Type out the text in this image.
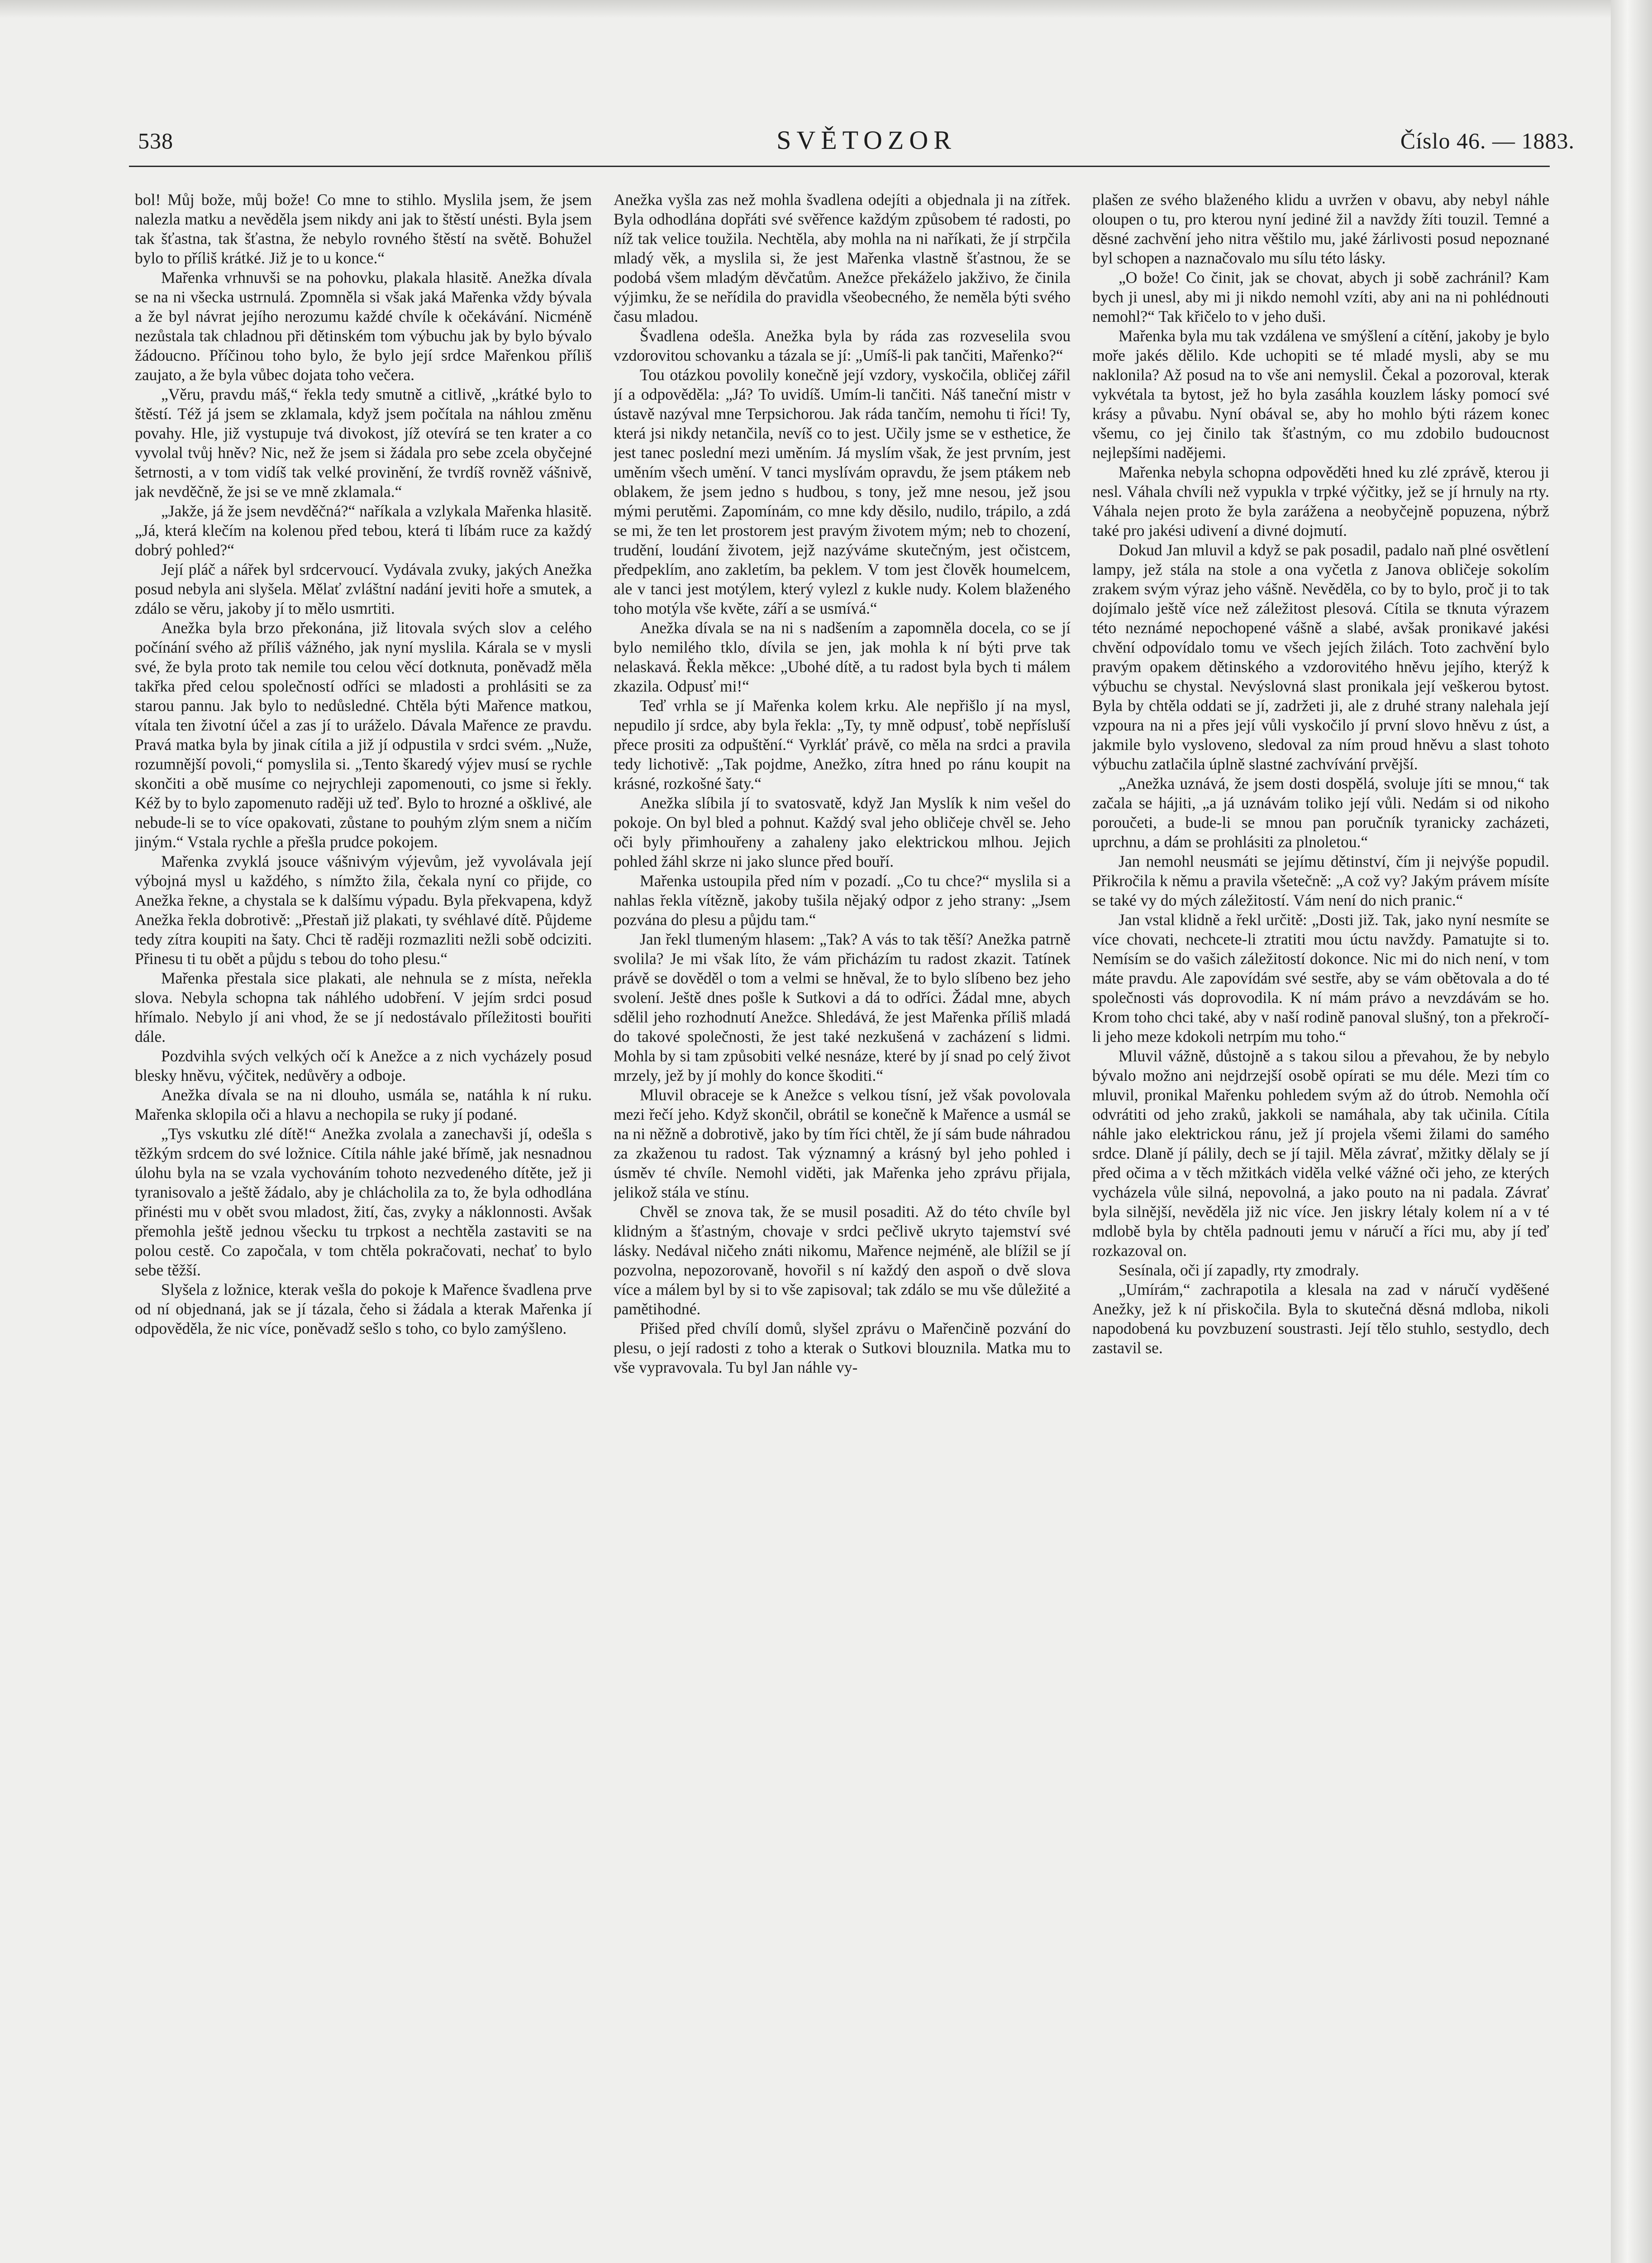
538	SVĚTOZOR	Číslo 46. — 1883.

bol! Můj bože, můj bože! Co mne to stihlo. Myslila jsem, že jsem nalezla matku a nevěděla jsem nikdy ani jak to štěstí unésti. Byla jsem tak šťastna, tak šťastna, že nebylo rovného štěstí na světě. Bohužel bylo to příliš krátké. Již je to u konce.“

Mařenka vrhnuvši se na pohovku, plakala hlasitě. Anežka dívala se na ni všecka ustrnulá. Zpomněla si však jaká Mařenka vždy bývala a že byl návrat jejího nerozumu každé chvíle k očekávání. Nicméně nezůstala tak chladnou při dětinském tom výbuchu jak by bylo bývalo žádoucno. Příčinou toho bylo, že bylo její srdce Mařenkou příliš zaujato, a že byla vůbec dojata toho večera.

„Věru, pravdu máš,“ řekla tedy smutně a citlivě, „krátké bylo to štěstí. Též já jsem se zklamala, když jsem počítala na náhlou změnu povahy. Hle, již vystupuje tvá divokost, jíž otevírá se ten krater a co vyvolal tvůj hněv? Nic, než že jsem si žádala pro sebe zcela obyčejné šetrnosti, a v tom vidíš tak velké provinění, že tvrdíš rovněž vášnivě, jak nevděčně, že jsi se ve mně zklamala.“

„Jakže, já že jsem nevděčná?“ naříkala a vzlykala Mařenka hlasitě. „Já, která klečím na kolenou před tebou, která ti líbám ruce za každý dobrý pohled?“

Její pláč a nářek byl srdcervoucí. Vydávala zvuky, jakých Anežka posud nebyla ani slyšela. Mělať zvláštní nadání jeviti hoře a smutek, a zdálo se věru, jakoby jí to mělo usmrtiti.

Anežka byla brzo překonána, již litovala svých slov a celého počínání svého až příliš vážného, jak nyní myslila. Kárala se v mysli své, že byla proto tak nemile tou celou věcí dotknuta, poněvadž měla takřka před celou společností odříci se mladosti a prohlásiti se za starou pannu. Jak bylo to nedůsledné. Chtěla býti Mařence matkou, vítala ten životní účel a zas jí to uráželo. Dávala Mařence ze pravdu. Pravá matka byla by jinak cítila a již jí odpustila v srdci svém. „Nuže, rozumnější povoli,“ pomyslila si. „Tento škaredý výjev musí se rychle skončiti a obě musíme co nejrychleji zapomenouti, co jsme si řekly. Kéž by to bylo zapomenuto raději už teď. Bylo to hrozné a ošklivé, ale nebude-li se to více opakovati, zůstane to pouhým zlým snem a ničím jiným.“ Vstala rychle a přešla prudce pokojem.

Mařenka zvyklá jsouce vášnivým výjevům, jež vyvolávala její výbojná mysl u každého, s nímžto žila, čekala nyní co přijde, co Anežka řekne, a chystala se k dalšímu výpadu. Byla překvapena, když Anežka řekla dobrotivě: „Přestaň již plakati, ty svéhlavé dítě. Půjdeme tedy zítra koupiti na šaty. Chci tě raději rozmazliti nežli sobě odciziti. Přinesu ti tu obět a půjdu s tebou do toho plesu.“

Mařenka přestala sice plakati, ale nehnula se z místa, neřekla slova. Nebyla schopna tak náhlého udobření. V jejím srdci posud hřímalo. Nebylo jí ani vhod, že se jí nedostávalo příležitosti bouřiti dále.

Pozdvihla svých velkých očí k Anežce a z nich vycházely posud blesky hněvu, výčitek, nedůvěry a odboje.

Anežka dívala se na ni dlouho, usmála se, natáhla k ní ruku. Mařenka sklopila oči a hlavu a nechopila se ruky jí podané.

„Tys vskutku zlé dítě!“ Anežka zvolala a zanechavši jí, odešla s těžkým srdcem do své ložnice. Cítila náhle jaké břímě, jak nesnadnou úlohu byla na se vzala vychováním tohoto nezvedeného dítěte, jež ji tyranisovalo a ještě žádalo, aby je chlácholila za to, že byla odhodlána přinésti mu v obět svou mladost, žití, čas, zvyky a náklonnosti. Avšak přemohla ještě jednou všecku tu trpkost a nechtěla zastaviti se na polou cestě. Co započala, v tom chtěla pokračovati, nechať to bylo sebe těžší.

Slyšela z ložnice, kterak vešla do pokoje k Mařence švadlena prve od ní objednaná, jak se jí tázala, čeho si žádala a kterak Mařenka jí odpověděla, že nic více, poněvadž sešlo s toho, co bylo zamýšleno.

Anežka vyšla zas než mohla švadlena odejíti a objednala ji na zítřek. Byla odhodlána dopřáti své svěřence každým způsobem té radosti, po níž tak velice toužila. Nechtěla, aby mohla na ni naříkati, že jí strpčila mladý věk, a myslila si, že jest Mařenka vlastně šťastnou, že se podobá všem mladým děvčatům. Anežce překáželo jakživo, že činila výjimku, že se neřídila do pravidla všeobecného, že neměla býti svého času mladou.

Švadlena odešla. Anežka byla by ráda zas rozveselila svou vzdorovitou schovanku a tázala se jí: „Umíš-li pak tančiti, Mařenko?“

Tou otázkou povolily konečně její vzdory, vyskočila, obličej zářil jí a odpověděla: „Já? To uvidíš. Umím-li tančiti. Náš taneční mistr v ústavě nazýval mne Terpsichorou. Jak ráda tančím, nemohu ti říci! Ty, která jsi nikdy netančila, nevíš co to jest. Učily jsme se v esthetice, že jest tanec poslední mezi uměním. Já myslím však, že jest prvním, jest uměním všech umění. V tanci myslívám opravdu, že jsem ptákem neb oblakem, že jsem jedno s hudbou, s tony, jež mne nesou, jež jsou mými perutěmi. Zapomínám, co mne kdy děsilo, nudilo, trápilo, a zdá se mi, že ten let prostorem jest pravým životem mým; neb to chození, trudění, loudání životem, jejž nazýváme skutečným, jest očistcem, předpeklím, ano zakletím, ba peklem. V tom jest člověk houmelcem, ale v tanci jest motýlem, který vylezl z kukle nudy. Kolem blaženého toho motýla vše květe, září a se usmívá.“

Anežka dívala se na ni s nadšením a zapomněla docela, co se jí bylo nemilého tklo, dívila se jen, jak mohla k ní býti prve tak nelaskavá. Řekla měkce: „Ubohé dítě, a tu radost byla bych ti málem zkazila. Odpusť mi!“

Teď vrhla se jí Mařenka kolem krku. Ale nepřišlo jí na mysl, nepudilo jí srdce, aby byla řekla: „Ty, ty mně odpusť, tobě nepřísluší přece prositi za odpuštění.“ Vyrkláť právě, co měla na srdci a pravila tedy lichotivě: „Tak pojdme, Anežko, zítra hned po ránu koupit na krásné, rozkošné šaty.“

Anežka slíbila jí to svatosvatě, když Jan Myslík k nim vešel do pokoje. On byl bled a pohnut. Každý sval jeho obličeje chvěl se. Jeho oči byly přimhouřeny a zahaleny jako elektrickou mlhou. Jejich pohled žáhl skrze ni jako slunce před bouří.

Mařenka ustoupila před ním v pozadí. „Co tu chce?“ myslila si a nahlas řekla vítězně, jakoby tušila nějaký odpor z jeho strany: „Jsem pozvána do plesu a půjdu tam.“

Jan řekl tlumeným hlasem: „Tak? A vás to tak těší? Anežka patrně svolila? Je mi však líto, že vám přicházím tu radost zkazit. Tatínek právě se dověděl o tom a velmi se hněval, že to bylo slíbeno bez jeho svolení. Ještě dnes pošle k Sutkovi a dá to odříci. Žádal mne, abych sdělil jeho rozhodnutí Anežce. Shledává, že jest Mařenka příliš mladá do takové společnosti, že jest také nezkušená v zacházení s lidmi. Mohla by si tam způsobiti velké nesnáze, které by jí snad po celý život mrzely, jež by jí mohly do konce škoditi.“

Mluvil obraceje se k Anežce s velkou tísní, jež však povolovala mezi řečí jeho. Když skončil, obrátil se konečně k Mařence a usmál se na ni něžně a dobrotivě, jako by tím říci chtěl, že jí sám bude náhradou za zkaženou tu radost. Tak významný a krásný byl jeho pohled i úsměv té chvíle. Nemohl viděti, jak Mařenka jeho zprávu přijala, jelikož stála ve stínu.

Chvěl se znova tak, že se musil posaditi. Až do této chvíle byl klidným a šťastným, chovaje v srdci pečlivě ukryto tajemství své lásky. Nedával ničeho znáti nikomu, Mařence nejméně, ale blížil se jí pozvolna, nepozorovaně, hovořil s ní každý den aspoň o dvě slova více a málem byl by si to vše zapisoval; tak zdálo se mu vše důležité a pamětihodné.

Přišed před chvílí domů, slyšel zprávu o Mařenčině pozvání do plesu, o její radosti z toho a kterak o Sutkovi blouznila. Matka mu to vše vypravovala. Tu byl Jan náhle vy-

plašen ze svého blaženého klidu a uvržen v obavu, aby nebyl náhle oloupen o tu, pro kterou nyní jediné žil a navždy žíti touzil. Temné a děsné zachvění jeho nitra věštilo mu, jaké žárlivosti posud nepoznané byl schopen a naznačovalo mu sílu této lásky.

„O bože! Co činit, jak se chovat, abych ji sobě zachránil? Kam bych ji unesl, aby mi ji nikdo nemohl vzíti, aby ani na ni pohlédnouti nemohl?“ Tak křičelo to v jeho duši.

Mařenka byla mu tak vzdálena ve smýšlení a cítění, jakoby je bylo moře jakés dělilo. Kde uchopiti se té mladé mysli, aby se mu naklonila? Až posud na to vše ani nemyslil. Čekal a pozoroval, kterak vykvétala ta bytost, jež ho byla zasáhla kouzlem lásky pomocí své krásy a půvabu. Nyní obával se, aby ho mohlo býti rázem konec všemu, co jej činilo tak šťastným, co mu zdobilo budoucnost nejlepšími nadějemi.

Mařenka nebyla schopna odpověděti hned ku zlé zprávě, kterou ji nesl. Váhala chvíli než vypukla v trpké výčitky, jež se jí hrnuly na rty. Váhala nejen proto že byla zarážena a neobyčejně popuzena, nýbrž také pro jakési udivení a divné dojmutí.

Dokud Jan mluvil a když se pak posadil, padalo naň plné osvětlení lampy, jež stála na stole a ona vyčetla z Janova obličeje sokolím zrakem svým výraz jeho vášně. Nevěděla, co by to bylo, proč ji to tak dojímalo ještě více než záležitost plesová. Cítila se tknuta výrazem této neznámé nepochopené vášně a slabé, avšak pronikavé jakési chvění odpovídalo tomu ve všech jejích žilách. Toto zachvění bylo pravým opakem dětinského a vzdorovitého hněvu jejího, kterýž k výbuchu se chystal. Nevýslovná slast pronikala její veškerou bytost. Byla by chtěla oddati se jí, zadržeti ji, ale z druhé strany nalehala její vzpoura na ni a přes její vůli vyskočilo jí první slovo hněvu z úst, a jakmile bylo vysloveno, sledoval za ním proud hněvu a slast tohoto výbuchu zatlačila úplně slastné zachvívání prvější.

„Anežka uznává, že jsem dosti dospělá, svoluje jíti se mnou,“ tak začala se hájiti, „a já uznávám toliko její vůli. Nedám si od nikoho poroučeti, a bude-li se mnou pan poručník tyranicky zacházeti, uprchnu, a dám se prohlásiti za plnoletou.“

Jan nemohl neusmáti se jejímu dětinství, čím ji nejvýše popudil. Přikročila k němu a pravila všetečně: „A což vy? Jakým právem mísíte se také vy do mých záležitostí. Vám není do nich pranic.“

Jan vstal klidně a řekl určitě: „Dosti již. Tak, jako nyní nesmíte se více chovati, nechcete-li ztratiti mou úctu navždy. Pamatujte si to. Nemísím se do vašich záležitostí dokonce. Nic mi do nich není, v tom máte pravdu. Ale zapovídám své sestře, aby se vám obětovala a do té společnosti vás doprovodila. K ní mám právo a nevzdávám se ho. Krom toho chci také, aby v naší rodině panoval slušný, ton a překročí-li jeho meze kdokoli netrpím mu toho.“

Mluvil vážně, důstojně a s takou silou a převahou, že by nebylo bývalo možno ani nejdrzejší osobě opírati se mu déle. Mezi tím co mluvil, pronikal Mařenku pohledem svým až do útrob. Nemohla očí odvrátiti od jeho zraků, jakkoli se namáhala, aby tak učinila. Cítila náhle jako elektrickou ránu, jež jí projela všemi žilami do samého srdce. Dlaně jí pálily, dech se jí tajil. Měla závrať, mžitky dělaly se jí před očima a v těch mžitkách viděla velké vážné oči jeho, ze kterých vycházela vůle silná, nepovolná, a jako pouto na ni padala. Závrať byla silnější, nevěděla již nic více. Jen jiskry létaly kolem ní a v té mdlobě byla by chtěla padnouti jemu v náručí a říci mu, aby jí teď rozkazoval on.

Sesínala, oči jí zapadly, rty zmodraly.

„Umírám,“ zachrapotila a klesala na zad v náručí vyděšené Anežky, jež k ní přiskočila. Byla to skutečná děsná mdloba, nikoli napodobená ku povzbuzení soustrasti. Její tělo stuhlo, sestydlo, dech zastavil se.
